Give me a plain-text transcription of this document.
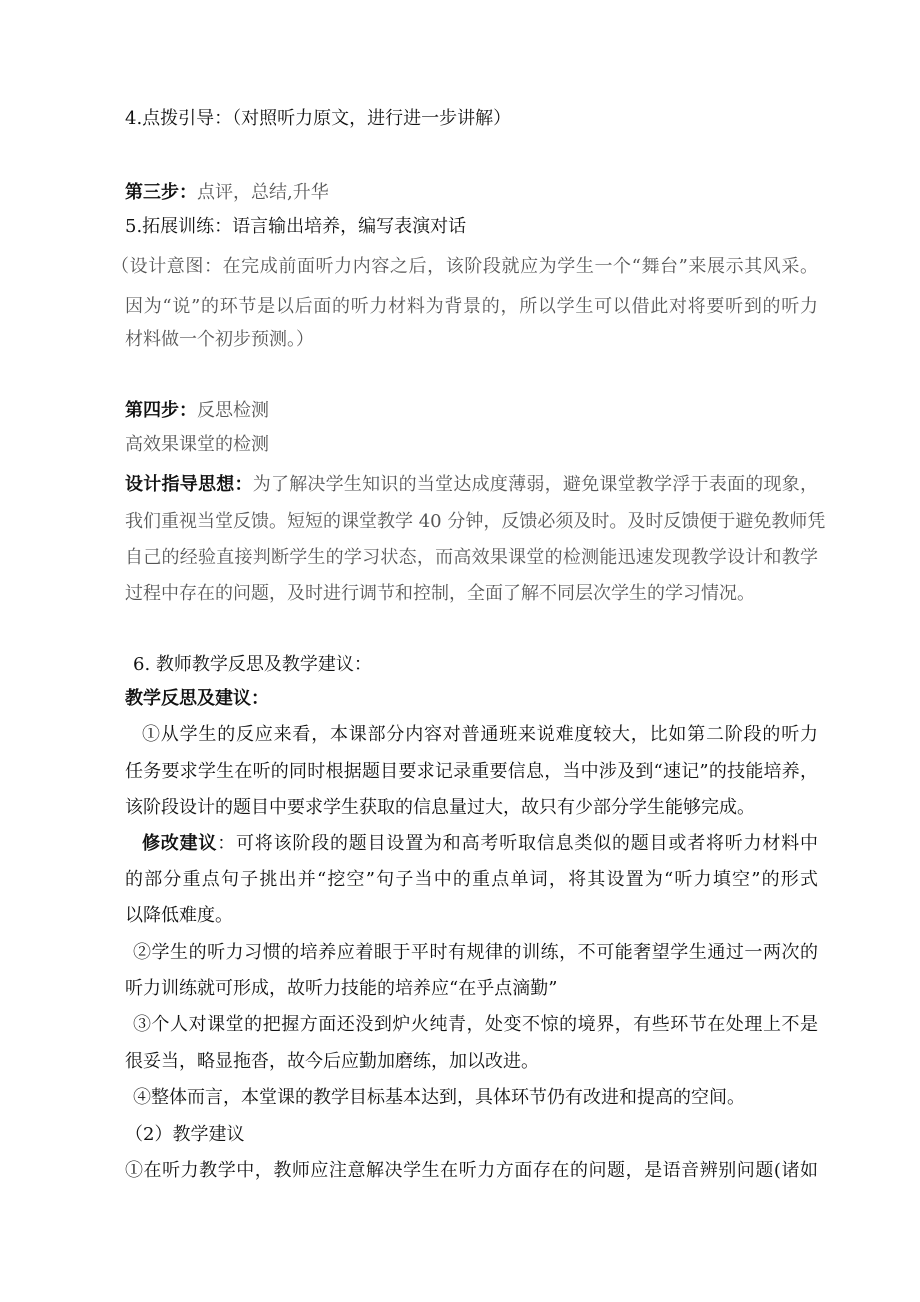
4.点拨引导：（对照听力原文，进行进一步讲解）

第三步：点评，总结,升华

5.拓展训练：语言输出培养，编写表演对话

（设计意图：在完成前面听力内容之后，该阶段就应为学生一个“舞台”来展示其风采。

因为“说”的环节是以后面的听力材料为背景的，所以学生可以借此对将要听到的听力

材料做一个初步预测。）

第四步：反思检测

高效果课堂的检测

设计指导思想：为了解决学生知识的当堂达成度薄弱，避免课堂教学浮于表面的现象，

我们重视当堂反馈。短短的课堂教学 40 分钟，反馈必须及时。及时反馈便于避免教师凭

自己的经验直接判断学生的学习状态，而高效果课堂的检测能迅速发现教学设计和教学

过程中存在的问题，及时进行调节和控制，全面了解不同层次学生的学习情况。

6. 教师教学反思及教学建议：

教学反思及建议：

①从学生的反应来看，本课部分内容对普通班来说难度较大，比如第二阶段的听力

任务要求学生在听的同时根据题目要求记录重要信息，当中涉及到“速记”的技能培养，

该阶段设计的题目中要求学生获取的信息量过大，故只有少部分学生能够完成。

修改建议：可将该阶段的题目设置为和高考听取信息类似的题目或者将听力材料中

的部分重点句子挑出并“挖空”句子当中的重点单词，将其设置为“听力填空”的形式

以降低难度。

②学生的听力习惯的培养应着眼于平时有规律的训练，不可能奢望学生通过一两次的

听力训练就可形成，故听力技能的培养应“在乎点滴勤”

③个人对课堂的把握方面还没到炉火纯青，处变不惊的境界，有些环节在处理上不是

很妥当，略显拖沓，故今后应勤加磨练，加以改进。

④整体而言，本堂课的教学目标基本达到，具体环节仍有改进和提高的空间。

（2）教学建议

①在听力教学中，教师应注意解决学生在听力方面存在的问题，是语音辨别问题(诸如
